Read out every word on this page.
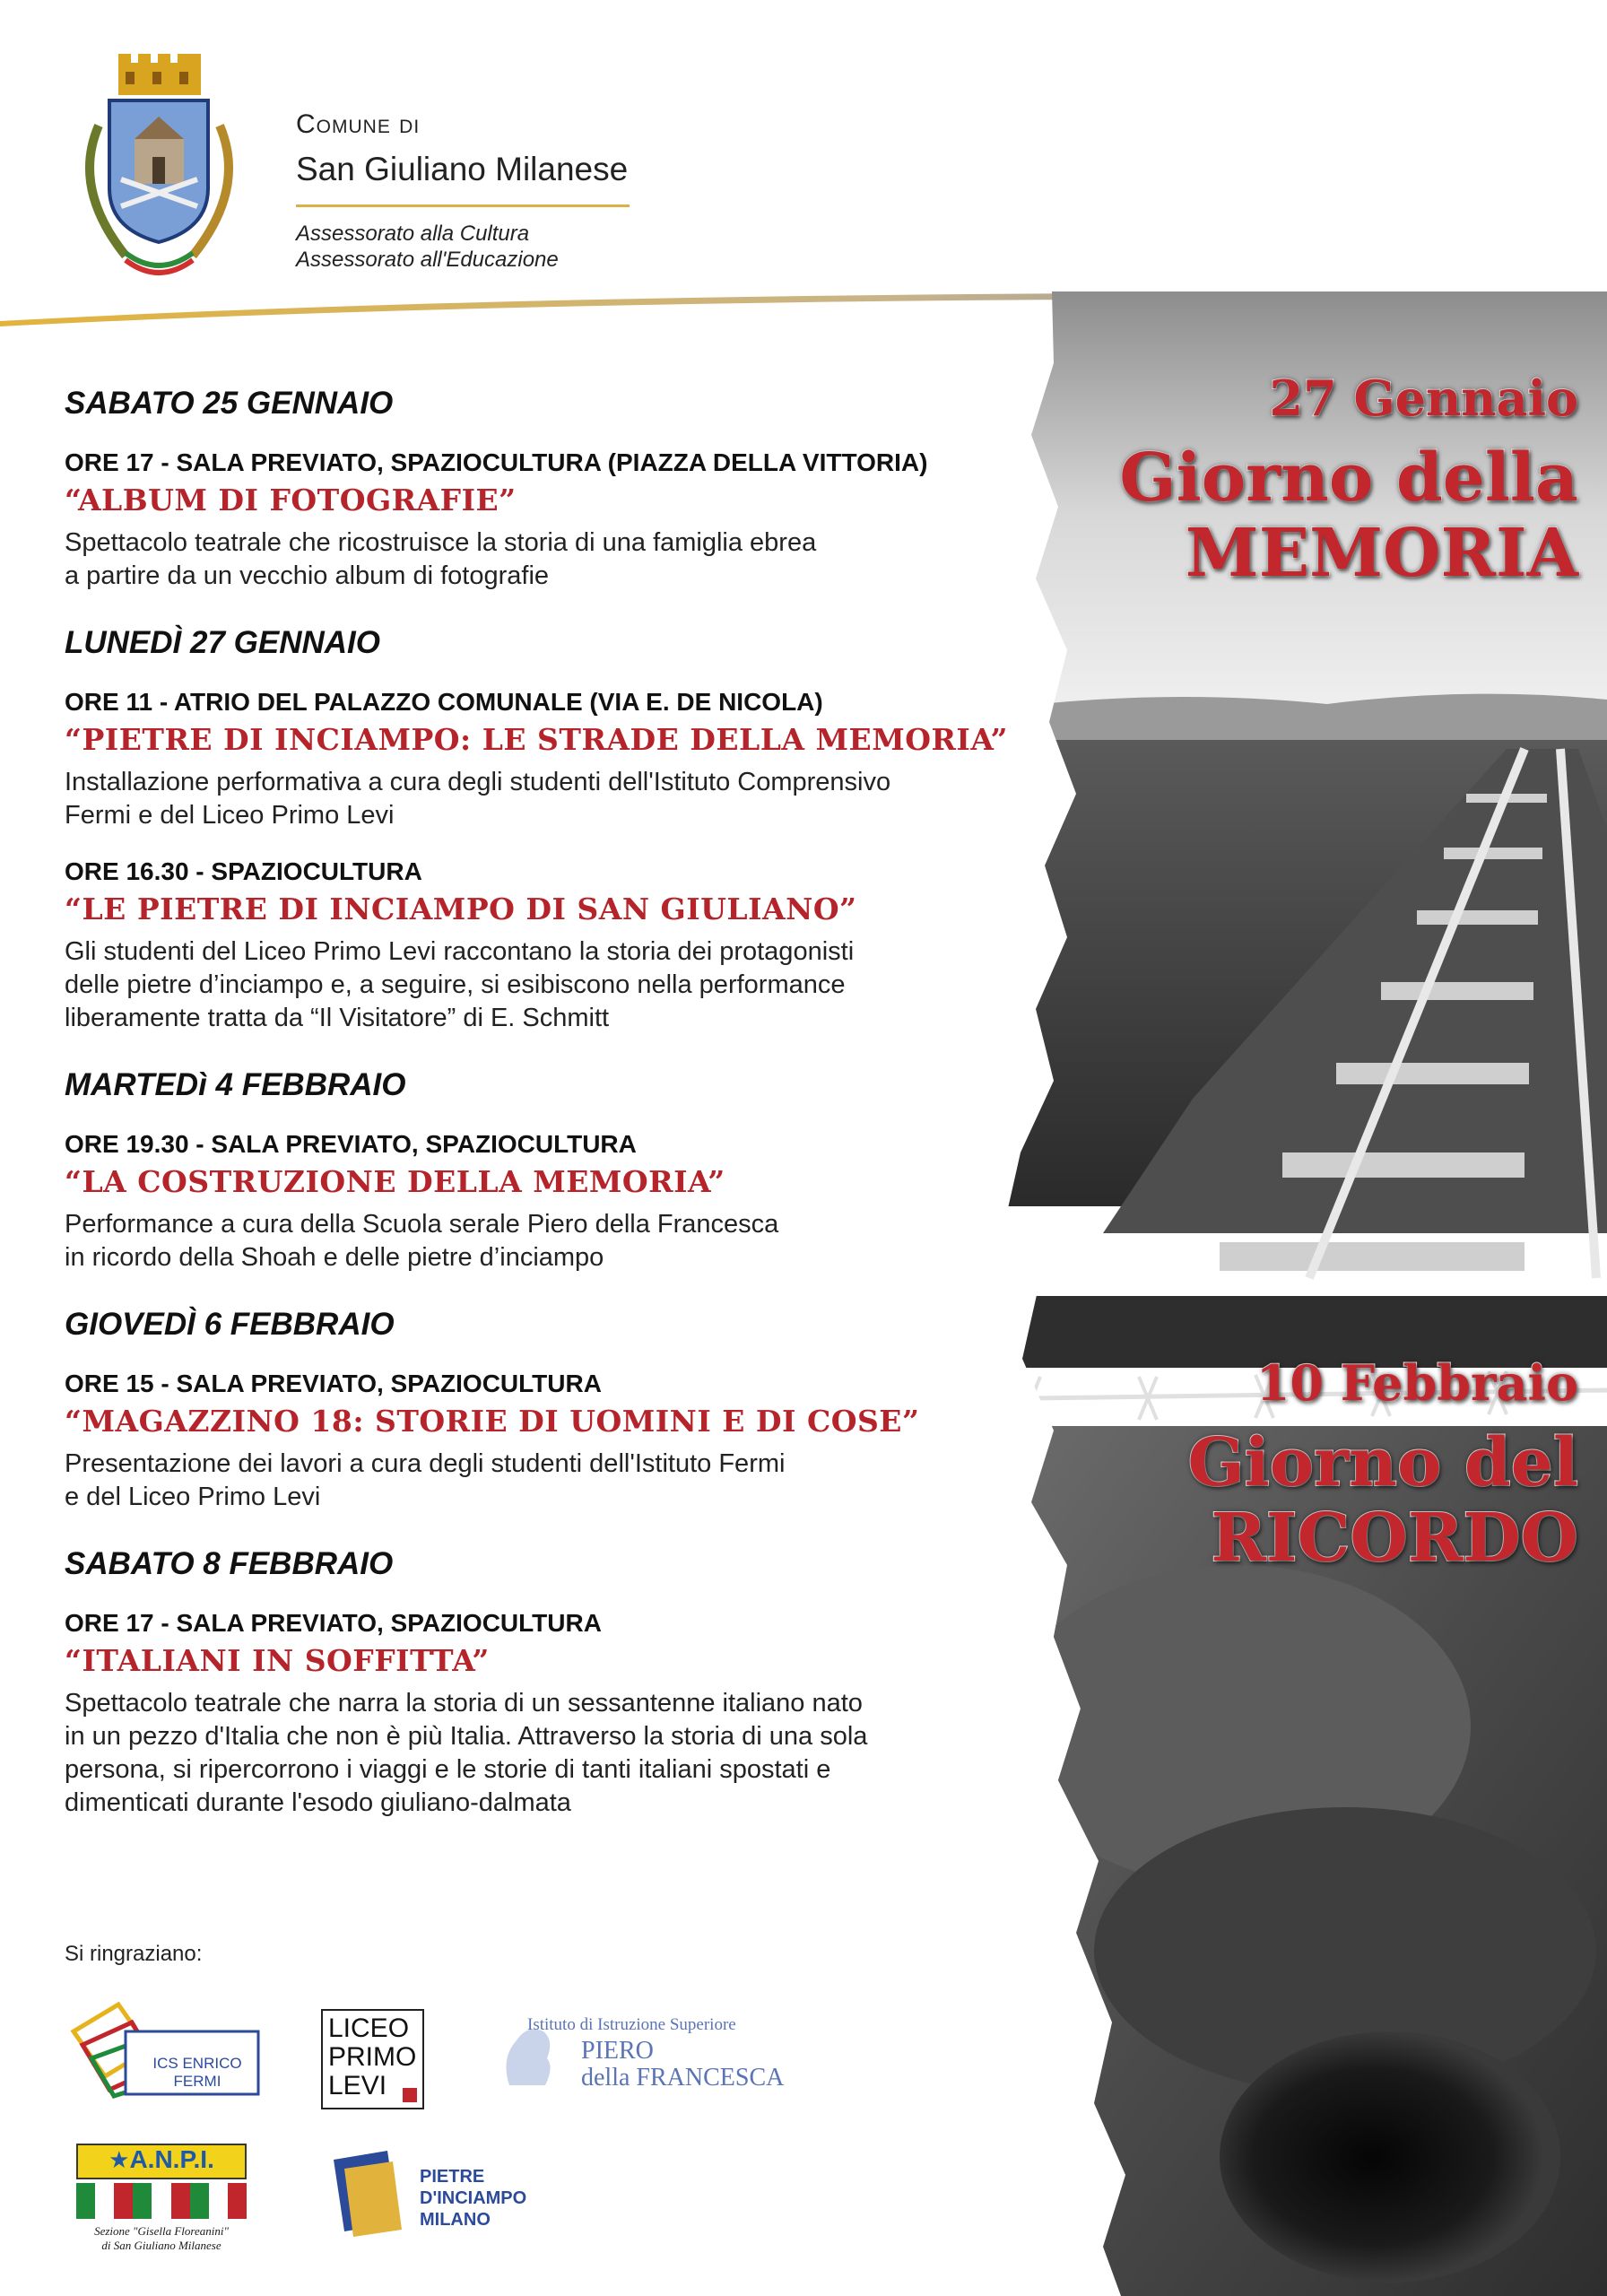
Comune di
San Giuliano Milanese
Assessorato alla Cultura
Assessorato all'Educazione
27 Gennaio
Giorno della
MEMORIA
10 Febbraio
Giorno del
RICORDO
SABATO 25 GENNAIO
ORE 17 - SALA PREVIATO, SPAZIOCULTURA (PIAZZA DELLA VITTORIA)
“ALBUM DI FOTOGRAFIE”
Spettacolo teatrale che ricostruisce la storia di una famiglia ebrea
a partire da un vecchio album di fotografie
LUNEDÌ 27 GENNAIO
ORE 11 - ATRIO DEL PALAZZO COMUNALE (VIA E. DE NICOLA)
“PIETRE DI INCIAMPO: LE STRADE DELLA MEMORIA”
Installazione performativa a cura degli studenti dell'Istituto Comprensivo
Fermi e del Liceo Primo Levi
ORE 16.30 - SPAZIOCULTURA
“LE PIETRE DI INCIAMPO DI SAN GIULIANO”
Gli studenti del Liceo Primo Levi raccontano la storia dei protagonisti
delle pietre d’inciampo e, a seguire, si esibiscono nella performance
liberamente tratta da “Il Visitatore” di E. Schmitt
MARTEDì 4 FEBBRAIO
ORE 19.30 - SALA PREVIATO, SPAZIOCULTURA
“LA COSTRUZIONE DELLA MEMORIA”
Performance a cura della Scuola serale Piero della Francesca
in ricordo della Shoah e delle pietre d’inciampo
GIOVEDÌ 6 FEBBRAIO
ORE 15 - SALA PREVIATO, SPAZIOCULTURA
“MAGAZZINO 18: STORIE DI UOMINI E DI COSE”
Presentazione dei lavori a cura degli studenti dell'Istituto Fermi
e del Liceo Primo Levi
SABATO 8 FEBBRAIO
ORE 17 - SALA PREVIATO, SPAZIOCULTURA
“ITALIANI IN SOFFITTA”
Spettacolo teatrale che narra la storia di un sessantenne italiano nato
in un pezzo d'Italia che non è più Italia. Attraverso la storia di una sola
persona, si ripercorrono i viaggi e le storie di tanti italiani spostati e
dimenticati durante l'esodo giuliano-dalmata
Si ringraziano:
ICS ENRICO FERMI
LICEO
PRIMO
LEVI
Istituto di Istruzione Superiore
PIERO
della FRANCESCA
★A.N.P.I.
Sezione "Gisella Floreanini"
di San Giuliano Milanese
PIETRE
D'INCIAMPO
MILANO
